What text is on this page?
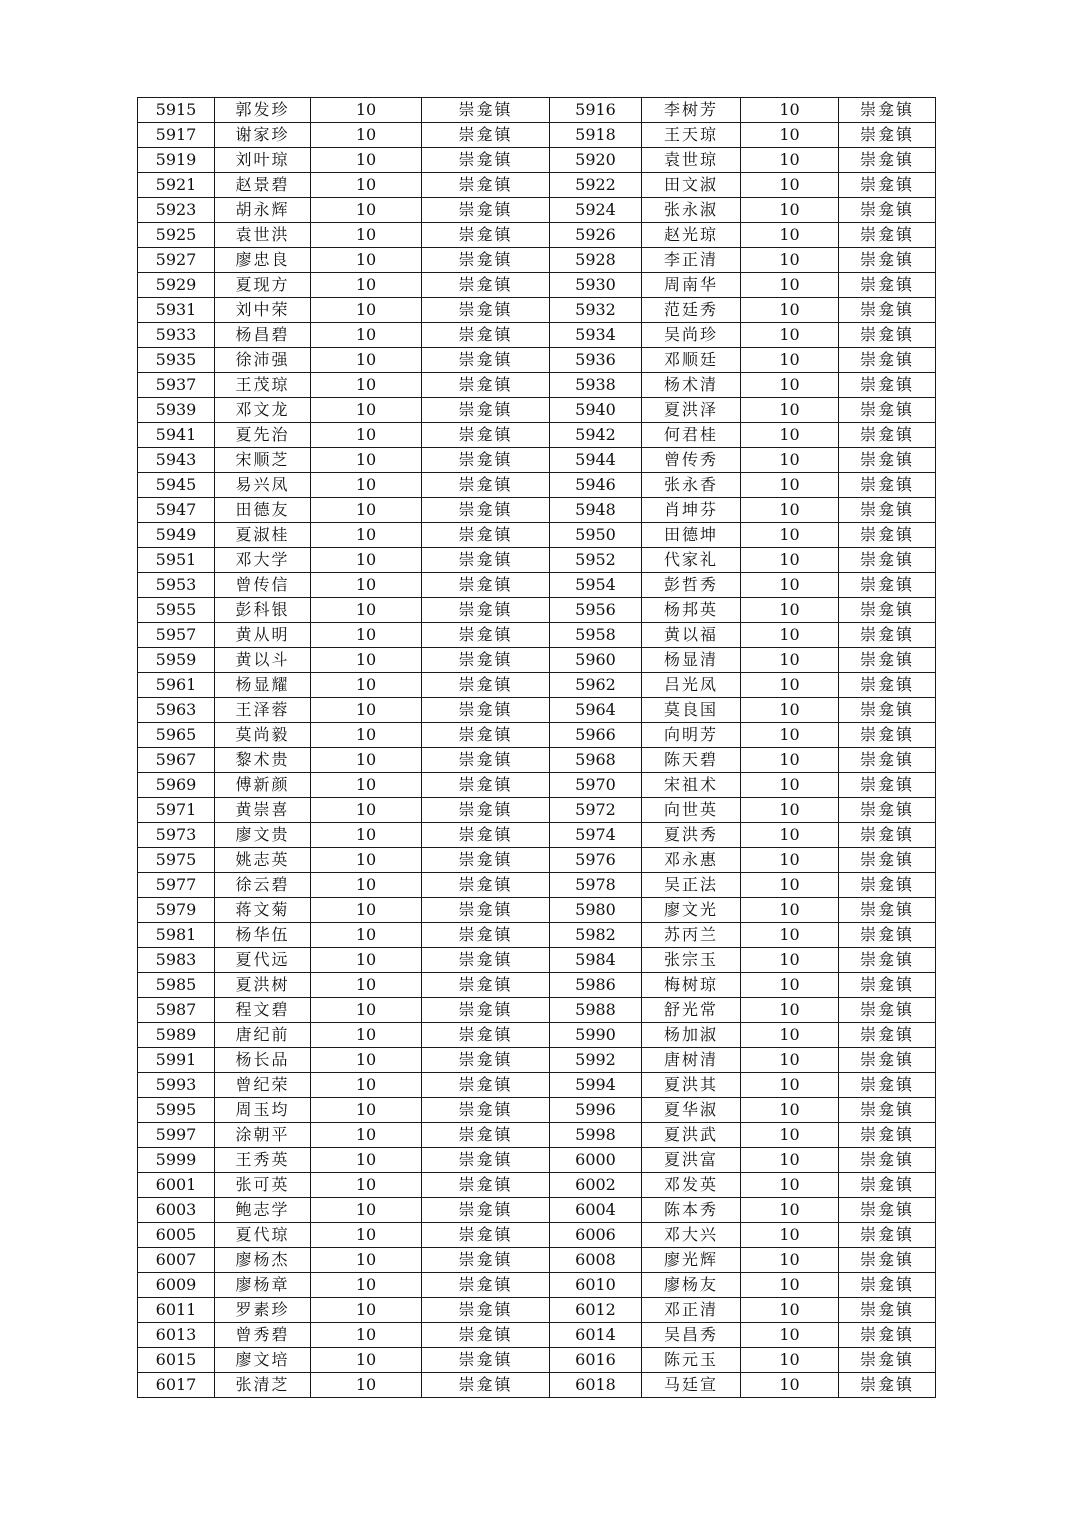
5915	郭发珍	10	崇龛镇	5916	李树芳	10	崇龛镇
5917	谢家珍	10	崇龛镇	5918	王天琼	10	崇龛镇
5919	刘叶琼	10	崇龛镇	5920	袁世琼	10	崇龛镇
5921	赵景碧	10	崇龛镇	5922	田文淑	10	崇龛镇
5923	胡永辉	10	崇龛镇	5924	张永淑	10	崇龛镇
5925	袁世洪	10	崇龛镇	5926	赵光琼	10	崇龛镇
5927	廖忠良	10	崇龛镇	5928	李正清	10	崇龛镇
5929	夏现方	10	崇龛镇	5930	周南华	10	崇龛镇
5931	刘中荣	10	崇龛镇	5932	范廷秀	10	崇龛镇
5933	杨昌碧	10	崇龛镇	5934	吴尚珍	10	崇龛镇
5935	徐沛强	10	崇龛镇	5936	邓顺廷	10	崇龛镇
5937	王茂琼	10	崇龛镇	5938	杨术清	10	崇龛镇
5939	邓文龙	10	崇龛镇	5940	夏洪泽	10	崇龛镇
5941	夏先治	10	崇龛镇	5942	何君桂	10	崇龛镇
5943	宋顺芝	10	崇龛镇	5944	曾传秀	10	崇龛镇
5945	易兴凤	10	崇龛镇	5946	张永香	10	崇龛镇
5947	田德友	10	崇龛镇	5948	肖坤芬	10	崇龛镇
5949	夏淑桂	10	崇龛镇	5950	田德坤	10	崇龛镇
5951	邓大学	10	崇龛镇	5952	代家礼	10	崇龛镇
5953	曾传信	10	崇龛镇	5954	彭哲秀	10	崇龛镇
5955	彭科银	10	崇龛镇	5956	杨邦英	10	崇龛镇
5957	黄从明	10	崇龛镇	5958	黄以福	10	崇龛镇
5959	黄以斗	10	崇龛镇	5960	杨显清	10	崇龛镇
5961	杨显耀	10	崇龛镇	5962	吕光凤	10	崇龛镇
5963	王泽蓉	10	崇龛镇	5964	莫良国	10	崇龛镇
5965	莫尚毅	10	崇龛镇	5966	向明芳	10	崇龛镇
5967	黎术贵	10	崇龛镇	5968	陈天碧	10	崇龛镇
5969	傅新颜	10	崇龛镇	5970	宋祖术	10	崇龛镇
5971	黄崇喜	10	崇龛镇	5972	向世英	10	崇龛镇
5973	廖文贵	10	崇龛镇	5974	夏洪秀	10	崇龛镇
5975	姚志英	10	崇龛镇	5976	邓永惠	10	崇龛镇
5977	徐云碧	10	崇龛镇	5978	吴正法	10	崇龛镇
5979	蒋文菊	10	崇龛镇	5980	廖文光	10	崇龛镇
5981	杨华伍	10	崇龛镇	5982	苏丙兰	10	崇龛镇
5983	夏代远	10	崇龛镇	5984	张宗玉	10	崇龛镇
5985	夏洪树	10	崇龛镇	5986	梅树琼	10	崇龛镇
5987	程文碧	10	崇龛镇	5988	舒光常	10	崇龛镇
5989	唐纪前	10	崇龛镇	5990	杨加淑	10	崇龛镇
5991	杨长品	10	崇龛镇	5992	唐树清	10	崇龛镇
5993	曾纪荣	10	崇龛镇	5994	夏洪其	10	崇龛镇
5995	周玉均	10	崇龛镇	5996	夏华淑	10	崇龛镇
5997	涂朝平	10	崇龛镇	5998	夏洪武	10	崇龛镇
5999	王秀英	10	崇龛镇	6000	夏洪富	10	崇龛镇
6001	张可英	10	崇龛镇	6002	邓发英	10	崇龛镇
6003	鲍志学	10	崇龛镇	6004	陈本秀	10	崇龛镇
6005	夏代琼	10	崇龛镇	6006	邓大兴	10	崇龛镇
6007	廖杨杰	10	崇龛镇	6008	廖光辉	10	崇龛镇
6009	廖杨章	10	崇龛镇	6010	廖杨友	10	崇龛镇
6011	罗素珍	10	崇龛镇	6012	邓正清	10	崇龛镇
6013	曾秀碧	10	崇龛镇	6014	吴昌秀	10	崇龛镇
6015	廖文培	10	崇龛镇	6016	陈元玉	10	崇龛镇
6017	张清芝	10	崇龛镇	6018	马廷宣	10	崇龛镇
